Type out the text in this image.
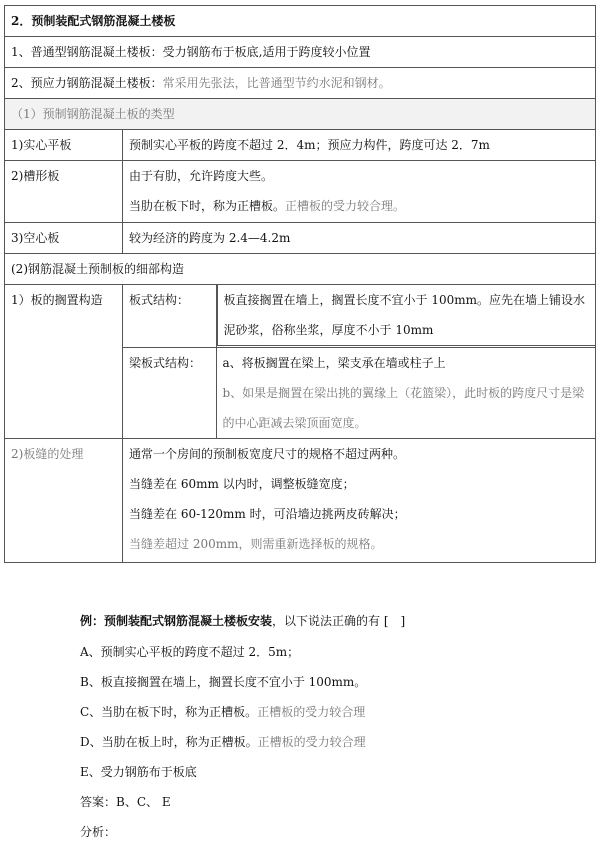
2．预制装配式钢筋混凝土楼板
1、普通型钢筋混凝土楼板：受力钢筋布于板底,适用于跨度较小位置
2、预应力钢筋混凝土楼板：常采用先张法，比普通型节约水泥和钢材。
（1）预制钢筋混凝土板的类型
1)实心平板	预制实心平板的跨度不超过 2．4m；预应力构件，跨度可达 2．7m
2)槽形板	由于有肋，允许跨度大些。
当肋在板下时，称为正槽板。正槽板的受力较合理。

3)空心板	较为经济的跨度为 2.4—4.2m
(2)钢筋混凝土预制板的细部构造
1）板的搁置构造	板式结构：		板直接搁置在墙上，搁置长度不宜小于 100mm。应先在墙上铺设水泥砂浆，俗称坐浆，厚度不小于 10mm

梁板式结构：	a、将板搁置在梁上，梁支承在墙或柱子上
b、如果是搁置在梁出挑的翼缘上（花篮梁），此时板的跨度尺寸是梁的中心距减去梁顶面宽度。

2)板缝的处理	通常一个房间的预制板宽度尺寸的规格不超过两种。
当缝差在 60mm 以内时，调整板缝宽度；
当缝差在 60-120mm 时，可沿墙边挑两皮砖解决；
当缝差超过 200mm，则需重新选择板的规格。
例：预制装配式钢筋混凝土楼板安装，以下说法正确的有 [　]
A、预制实心平板的跨度不超过 2．5m；
B、板直接搁置在墙上，搁置长度不宜小于 100mm。
C、当肋在板下时，称为正槽板。正槽板的受力较合理
D、当肋在板上时，称为正槽板。正槽板的受力较合理
E、受力钢筋布于板底
答案：B、C、 E
分析：
